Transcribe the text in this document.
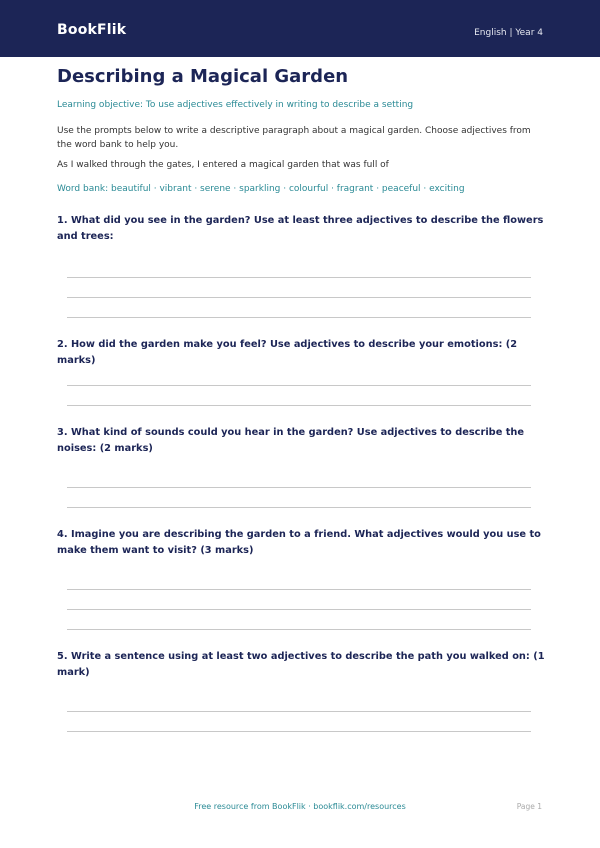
BookFlik	English | Year 4
Describing a Magical Garden
Learning objective: To use adjectives effectively in writing to describe a setting
Use the prompts below to write a descriptive paragraph about a magical garden. Choose adjectives from the word bank to help you.
As I walked through the gates, I entered a magical garden that was full of
Word bank: beautiful · vibrant · serene · sparkling · colourful · fragrant · peaceful · exciting
1. What did you see in the garden? Use at least three adjectives to describe the flowers and trees:
2. How did the garden make you feel? Use adjectives to describe your emotions: (2 marks)
3. What kind of sounds could you hear in the garden? Use adjectives to describe the noises: (2 marks)
4. Imagine you are describing the garden to a friend. What adjectives would you use to make them want to visit? (3 marks)
5. Write a sentence using at least two adjectives to describe the path you walked on: (1 mark)
Free resource from BookFlik · bookflik.com/resources	Page 1
